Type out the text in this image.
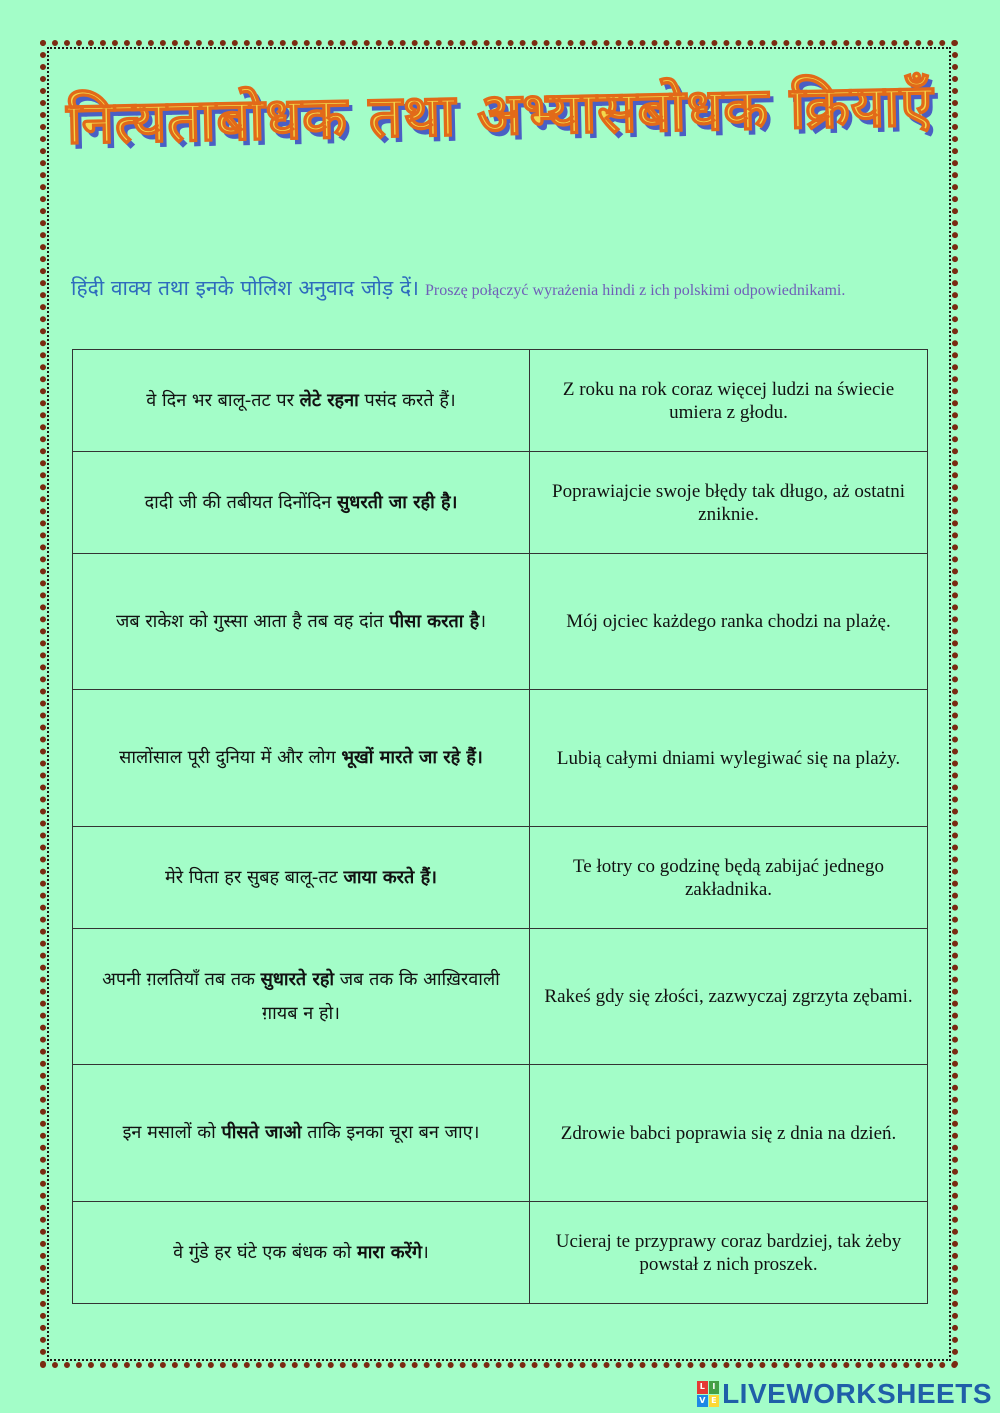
नित्यताबोधक तथा अभ्यासबोधक क्रियाएँ
हिंदी वाक्य तथा इनके पोलिश अनुवाद जोड़ दें। Proszę połączyć wyrażenia hindi z ich polskimi odpowiednikami.
वे दिन भर बालू-तट पर लेटे रहना पसंद करते हैं।	Z roku na rok coraz więcej ludzi na świecie umiera z głodu.
दादी जी की तबीयत दिनोंदिन सुधरती जा रही है।	Poprawiajcie swoje błędy tak długo, aż ostatni zniknie.
जब राकेश को गुस्सा आता है तब वह दांत पीसा करता है।	Mój ojciec każdego ranka chodzi na plażę.
सालोंसाल पूरी दुनिया में और लोग भूखों मारते जा रहे हैं।	Lubią całymi dniami wylegiwać się na plaży.
मेरे पिता हर सुबह बालू-तट जाया करते हैं।	Te łotry co godzinę będą zabijać jednego zakładnika.
अपनी ग़लतियाँ तब तक सुधारते रहो जब तक कि आख़िरवाली ग़ायब न हो।	Rakeś gdy się złości, zazwyczaj zgrzyta zębami.
इन मसालों को पीसते जाओ ताकि इनका चूरा बन जाए।	Zdrowie babci poprawia się z dnia na dzień.
वे गुंडे हर घंटे एक बंधक को मारा करेंगे।	Ucieraj te przyprawy coraz bardziej, tak żeby powstał z nich proszek.
L I
V E LIVEWORKSHEETS
